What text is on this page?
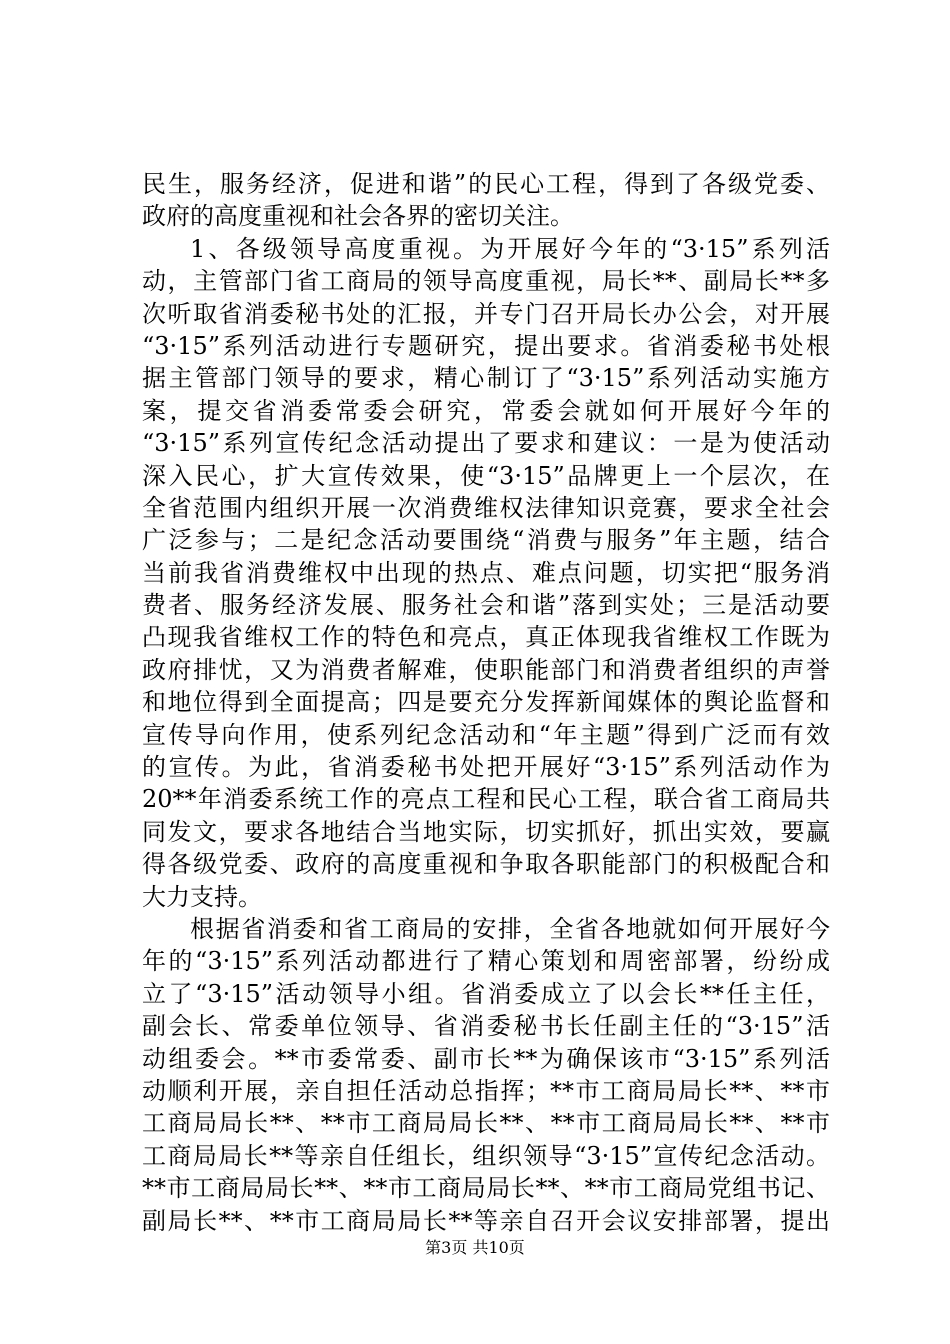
民生，服务经济，促进和谐”的民心工程，得到了各级党委、
政府的高度重视和社会各界的密切关注。
1、各级领导高度重视。为开展好今年的“3·15”系列活
动，主管部门省工商局的领导高度重视，局长**、副局长**多
次听取省消委秘书处的汇报，并专门召开局长办公会，对开展
“3·15”系列活动进行专题研究，提出要求。省消委秘书处根
据主管部门领导的要求，精心制订了“3·15”系列活动实施方
案，提交省消委常委会研究，常委会就如何开展好今年的
“3·15”系列宣传纪念活动提出了要求和建议：一是为使活动
深入民心，扩大宣传效果，使“3·15”品牌更上一个层次，在
全省范围内组织开展一次消费维权法律知识竞赛，要求全社会
广泛参与；二是纪念活动要围绕“消费与服务”年主题，结合
当前我省消费维权中出现的热点、难点问题，切实把“服务消
费者、服务经济发展、服务社会和谐”落到实处；三是活动要
凸现我省维权工作的特色和亮点，真正体现我省维权工作既为
政府排忧，又为消费者解难，使职能部门和消费者组织的声誉
和地位得到全面提高；四是要充分发挥新闻媒体的舆论监督和
宣传导向作用，使系列纪念活动和“年主题”得到广泛而有效
的宣传。为此，省消委秘书处把开展好“3·15”系列活动作为
20**年消委系统工作的亮点工程和民心工程，联合省工商局共
同发文，要求各地结合当地实际，切实抓好，抓出实效，要赢
得各级党委、政府的高度重视和争取各职能部门的积极配合和
大力支持。
根据省消委和省工商局的安排，全省各地就如何开展好今
年的“3·15”系列活动都进行了精心策划和周密部署，纷纷成
立了“3·15”活动领导小组。省消委成立了以会长**任主任，
副会长、常委单位领导、省消委秘书长任副主任的“3·15”活
动组委会。**市委常委、副市长**为确保该市“3·15”系列活
动顺利开展，亲自担任活动总指挥；**市工商局局长**、**市
工商局局长**、**市工商局局长**、**市工商局局长**、**市
工商局局长**等亲自任组长，组织领导“3·15”宣传纪念活动。
**市工商局局长**、**市工商局局长**、**市工商局党组书记、
副局长**、**市工商局局长**等亲自召开会议安排部署，提出
第3页 共10页
